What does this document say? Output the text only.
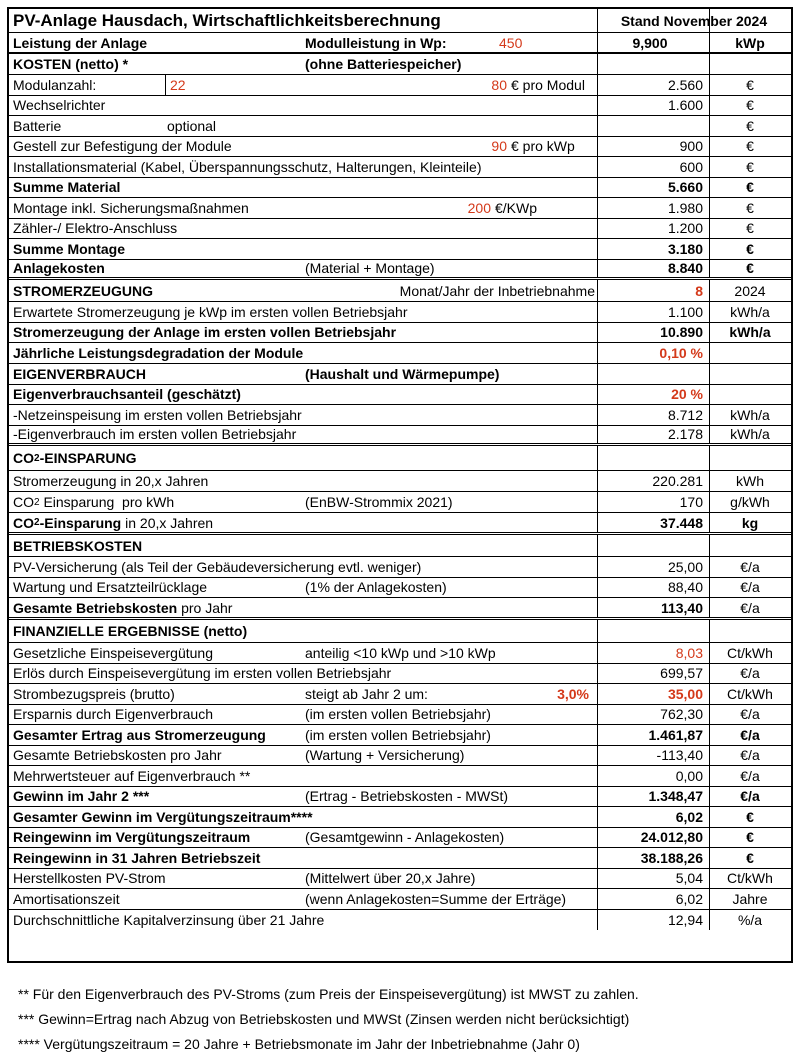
PV-Anlage Hausdach, Wirtschaftlichkeitsberechnung	Stand November 2024
Leistung der Anlage	Modulleistung in Wp:	450	9,900	kWp
KOSTEN (netto) *	(ohne Batteriespeicher)
Modulanzahl:	22	80 € pro Modul	2.560	€
Wechselrichter	1.600	€
Batterie	optional	€
Gestell zur Befestigung der Module	90 € pro kWp	900	€
Installationsmaterial (Kabel, Überspannungsschutz, Halterungen, Kleinteile)	600	€
Summe Material	5.660	€
Montage inkl. Sicherungsmaßnahmen	200 €/KWp	1.980	€
Zähler-/ Elektro-Anschluss	1.200	€
Summe Montage	3.180	€
Anlagekosten	(Material + Montage)	8.840	€
STROMERZEUGUNG	Monat/Jahr der Inbetriebnahme	8	2024
Erwartete Stromerzeugung je kWp im ersten vollen Betriebsjahr	1.100	kWh/a
Stromerzeugung der Anlage im ersten vollen Betriebsjahr	10.890	kWh/a
Jährliche Leistungsdegradation der Module	0,10 %
EIGENVERBRAUCH	(Haushalt und Wärmepumpe)
Eigenverbrauchsanteil (geschätzt)	20 %
-Netzeinspeisung im ersten vollen Betriebsjahr	8.712	kWh/a
-Eigenverbrauch im ersten vollen Betriebsjahr	2.178	kWh/a
CO 2 -EINSPARUNG
Stromerzeugung in 20,x Jahren	220.281	kWh
CO 2 Einsparung  pro kWh	(EnBW-Strommix 2021)	170	g/kWh
CO 2 -Einsparung in 20,x Jahren	37.448	kg
BETRIEBSKOSTEN
PV-Versicherung (als Teil der Gebäudeversicherung evtl. weniger)	25,00	€/a
Wartung und Ersatzteilrücklage	(1% der Anlagekosten)	88,40	€/a
Gesamte Betriebskosten pro Jahr	113,40	€/a
FINANZIELLE ERGEBNISSE (netto)
Gesetzliche Einspeisevergütung	anteilig <10 kWp und >10 kWp	8,03	Ct/kWh
Erlös durch Einspeisevergütung im ersten vollen Betriebsjahr	699,57	€/a
Strombezugspreis (brutto)	steigt ab Jahr 2 um:	3,0%	35,00	Ct/kWh
Ersparnis durch Eigenverbrauch	(im ersten vollen Betriebsjahr)	762,30	€/a
Gesamter Ertrag aus Stromerzeugung	(im ersten vollen Betriebsjahr)	1.461,87	€/a
Gesamte Betriebskosten pro Jahr	(Wartung + Versicherung)	-113,40	€/a
Mehrwertsteuer auf Eigenverbrauch **	0,00	€/a
Gewinn im Jahr 2 ***	(Ertrag - Betriebskosten - MWSt)	1.348,47	€/a
Gesamter Gewinn im Vergütungszeitraum****	6,02	€
Reingewinn im Vergütungszeitraum	(Gesamtgewinn - Anlagekosten)	24.012,80	€
Reingewinn in 31 Jahren Betriebszeit	38.188,26	€
Herstellkosten PV-Strom	(Mittelwert über 20,x Jahre)	5,04	Ct/kWh
Amortisationszeit	(wenn Anlagekosten=Summe der Erträge)	6,02	Jahre
Durchschnittliche Kapitalverzinsung über 21 Jahre	12,94	%/a
** Für den Eigenverbrauch des PV-Stroms (zum Preis der Einspeisevergütung) ist MWST zu zahlen.
*** Gewinn=Ertrag nach Abzug von Betriebskosten und MWSt (Zinsen werden nicht berücksichtigt)
**** Vergütungszeitraum = 20 Jahre + Betriebsmonate im Jahr der Inbetriebnahme (Jahr 0)
